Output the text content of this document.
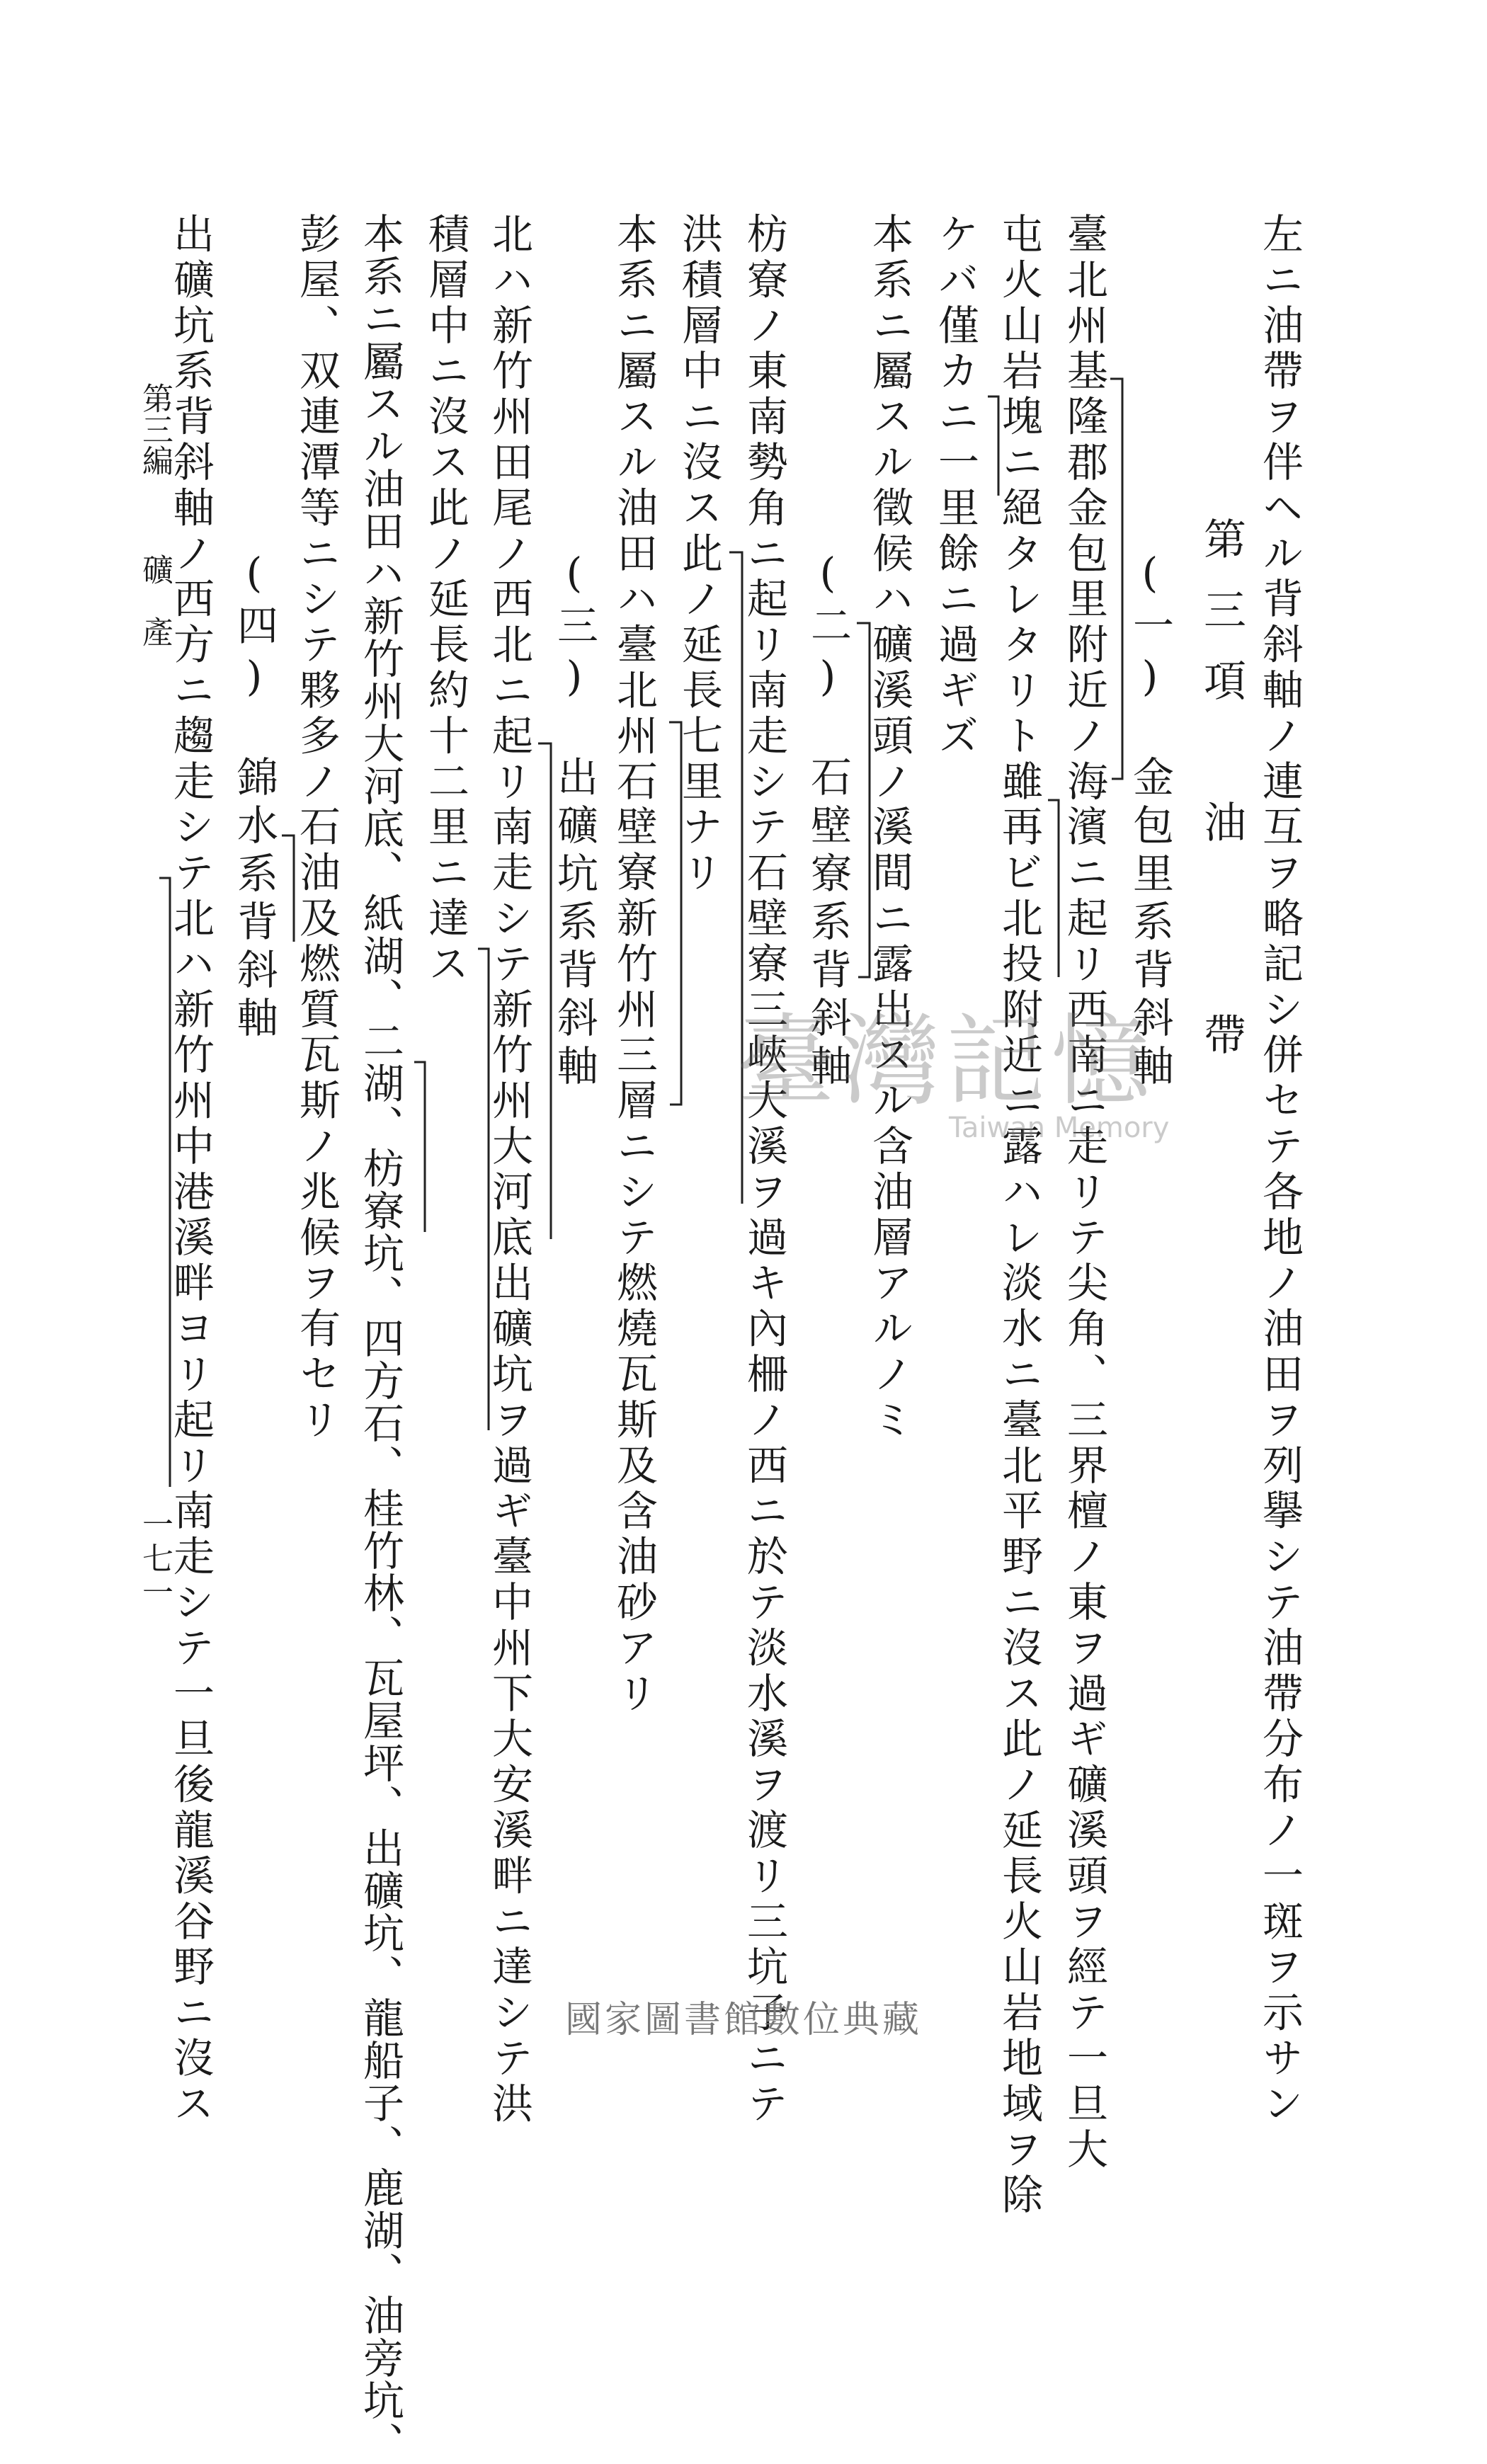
左ニ油帶ヲ伴ヘル背斜軸ノ連互ヲ略記シ併セテ各地ノ油田ヲ列擧シテ油帶分布ノ一斑ヲ示サン
第三項　油　　帶
(一)　金包里系背斜軸
臺北州基隆郡金包里附近ノ海濱ニ起リ西南ニ走リテ尖角、三界檀ノ東ヲ過ギ礦溪頭ヲ經テ一旦大
屯火山岩塊ニ絕タレタリト雖再ビ北投附近ニ露ハレ淡水ニ臺北平野ニ沒ス此ノ延長火山岩地域ヲ除
ケバ僅カニ一里餘ニ過ギズ
本系ニ屬スル徵候ハ礦溪頭ノ溪間ニ露出スル含油層アルノミ
(二)　石壁寮系背斜軸
枋寮ノ東南勢角ニ起リ南走シテ石壁寮三峽大溪ヲ過キ內柵ノ西ニ於テ淡水溪ヲ渡リ三坑子ニテ
洪積層中ニ沒ス此ノ延長七里ナリ
本系ニ屬スル油田ハ臺北州石壁寮新竹州三層ニシテ燃燒瓦斯及含油砂アリ
(三)　出礦坑系背斜軸
北ハ新竹州田尾ノ西北ニ起リ南走シテ新竹州大河底出礦坑ヲ過ギ臺中州下大安溪畔ニ達シテ洪
積層中ニ沒ス此ノ延長約十二里ニ達ス
本系ニ屬スル油田ハ新竹州大河底、紙湖、二湖、枋寮坑、四方石、桂竹林、瓦屋坪、出礦坑、龍船子、鹿湖、油旁坑、
彭屋、双連潭等ニシテ夥多ノ石油及燃質瓦斯ノ兆候ヲ有セリ
(四)　錦水系背斜軸
出礦坑系背斜軸ノ西方ニ趨走シテ北ハ新竹州中港溪畔ヨリ起リ南走シテ一旦後龍溪谷野ニ沒ス
第三編礦　產
一七一
臺灣記憶
Taiwan Memory
國家圖書館數位典藏
